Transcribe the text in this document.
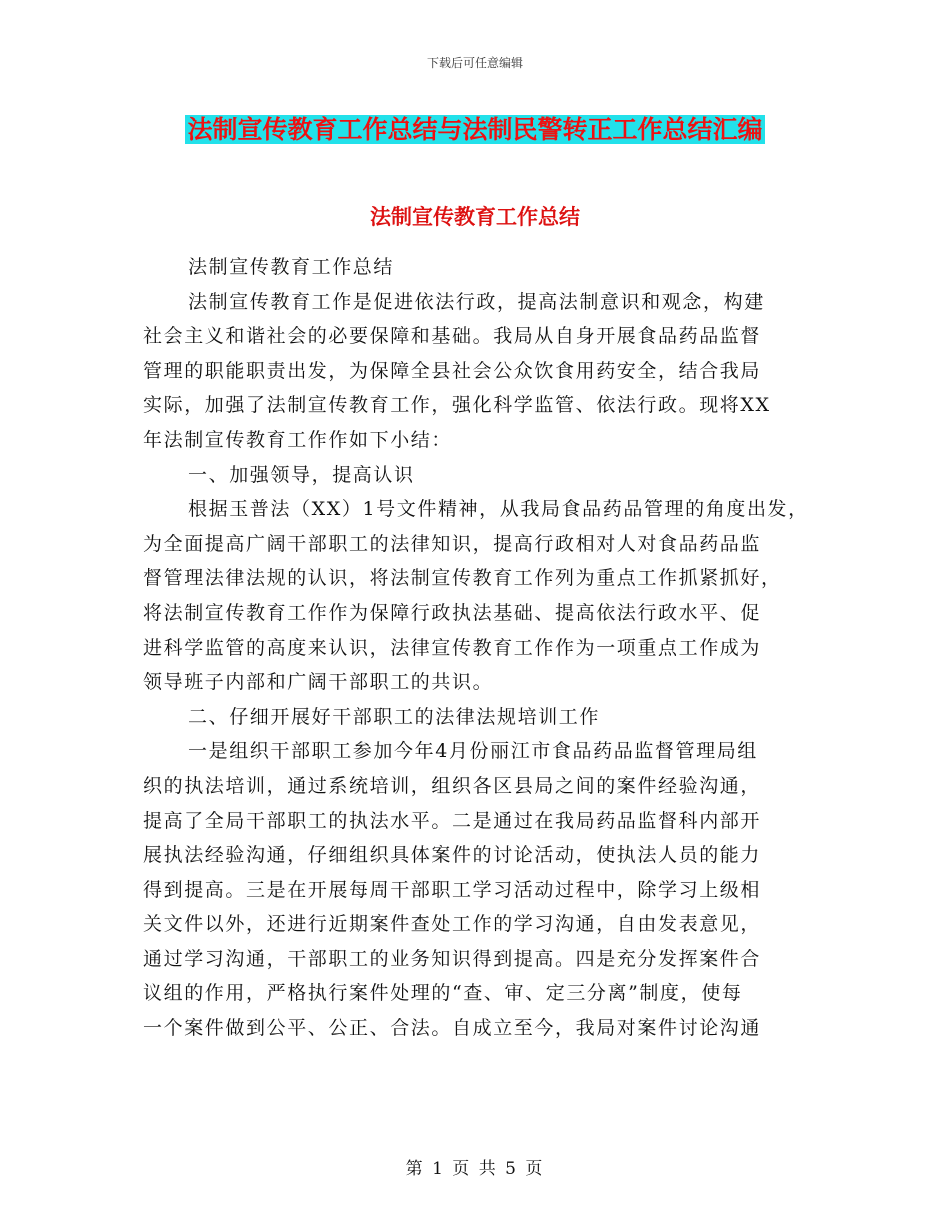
下载后可任意编辑
法制宣传教育工作总结与法制民警转正工作总结汇编
法制宣传教育工作总结
法制宣传教育工作总结
法制宣传教育工作是促进依法行政，提高法制意识和观念，构建
社会主义和谐社会的必要保障和基础。我局从自身开展食品药品监督
管理的职能职责出发，为保障全县社会公众饮食用药安全，结合我局
实际，加强了法制宣传教育工作，强化科学监管、依法行政。现将XX
年法制宣传教育工作作如下小结：
一、加强领导，提高认识
根据玉普法（XX）1号文件精神，从我局食品药品管理的角度出发，
为全面提高广阔干部职工的法律知识，提高行政相对人对食品药品监
督管理法律法规的认识，将法制宣传教育工作列为重点工作抓紧抓好，
将法制宣传教育工作作为保障行政执法基础、提高依法行政水平、促
进科学监管的高度来认识，法律宣传教育工作作为一项重点工作成为
领导班子内部和广阔干部职工的共识。
二、仔细开展好干部职工的法律法规培训工作
一是组织干部职工参加今年4月份丽江市食品药品监督管理局组
织的执法培训，通过系统培训，组织各区县局之间的案件经验沟通，
提高了全局干部职工的执法水平。二是通过在我局药品监督科内部开
展执法经验沟通，仔细组织具体案件的讨论活动，使执法人员的能力
得到提高。三是在开展每周干部职工学习活动过程中，除学习上级相
关文件以外，还进行近期案件查处工作的学习沟通，自由发表意见，
通过学习沟通，干部职工的业务知识得到提高。四是充分发挥案件合
议组的作用，严格执行案件处理的“查、审、定三分离”制度，使每
一个案件做到公平、公正、合法。自成立至今，我局对案件讨论沟通
第 1 页 共 5 页
